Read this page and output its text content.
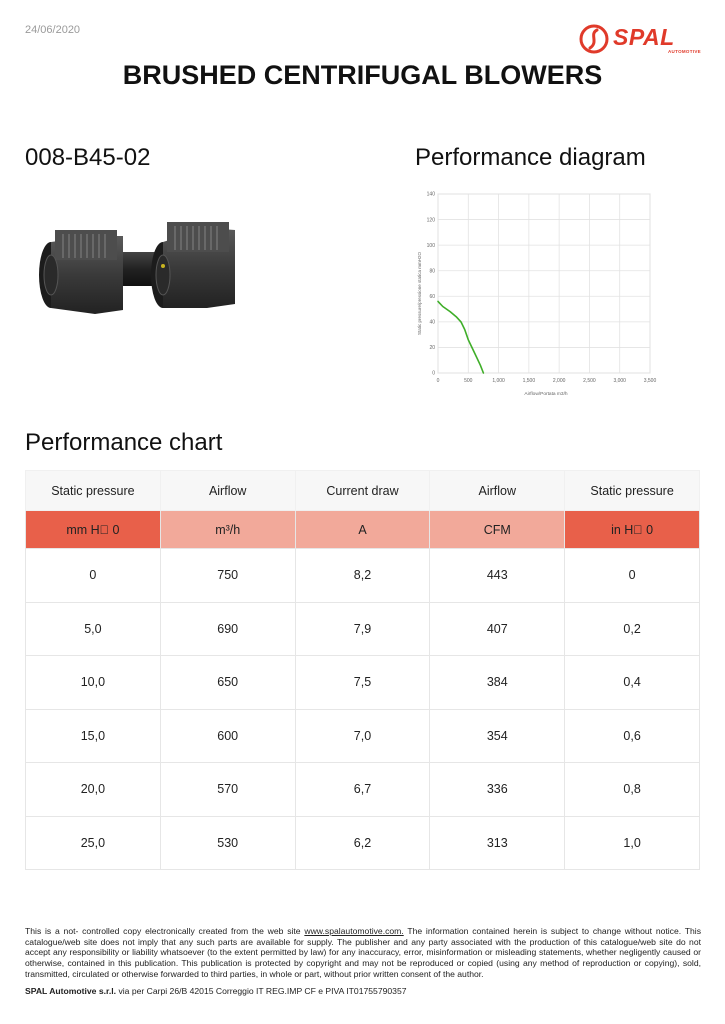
24/06/2020	SPAL
AUTOMOTIVE
BRUSHED CENTRIFUGAL BLOWERS
008-B45-02	Performance diagram
0	500	1,000	1,500	2,000	2,500	3,000	3,500
0
20
40
60
80
100
120
140
Airflow/Portata m3/h
Static pressure/pressione statica mmH2O
Performance chart
Static pressure	Airflow	Current draw	Airflow	Static pressure
mm H  0	m³/h	A	CFM	in H  0
0	750	8,2	443	0
5,0	690	7,9	407	0,2
10,0	650	7,5	384	0,4
15,0	600	7,0	354	0,6
20,0	570	6,7	336	0,8
25,0	530	6,2	313	1,0

This is a not- controlled copy electronically created from the web site www.spalautomotive.com. The information contained herein is subject to change without notice. This catalogue/web site does not imply that any such parts are available for supply. The publisher and any party associated with the production of this catalogue/web site do not accept any responsibility or liability whatsoever (to the extent permitted by law) for any inaccuracy, error, misinformation or misleading statements, whether negligently caused or otherwise, contained in this publication. This publication is protected by copyright and may not be reproduced or copied (using any method of reproduction or copying), sold, transmitted, circulated or otherwise forwarded to third parties, in whole or part, without prior written consent of the author.

SPAL Automotive s.r.l. via per Carpi 26/B 42015 Correggio IT REG.IMP CF e PIVA IT01755790357
